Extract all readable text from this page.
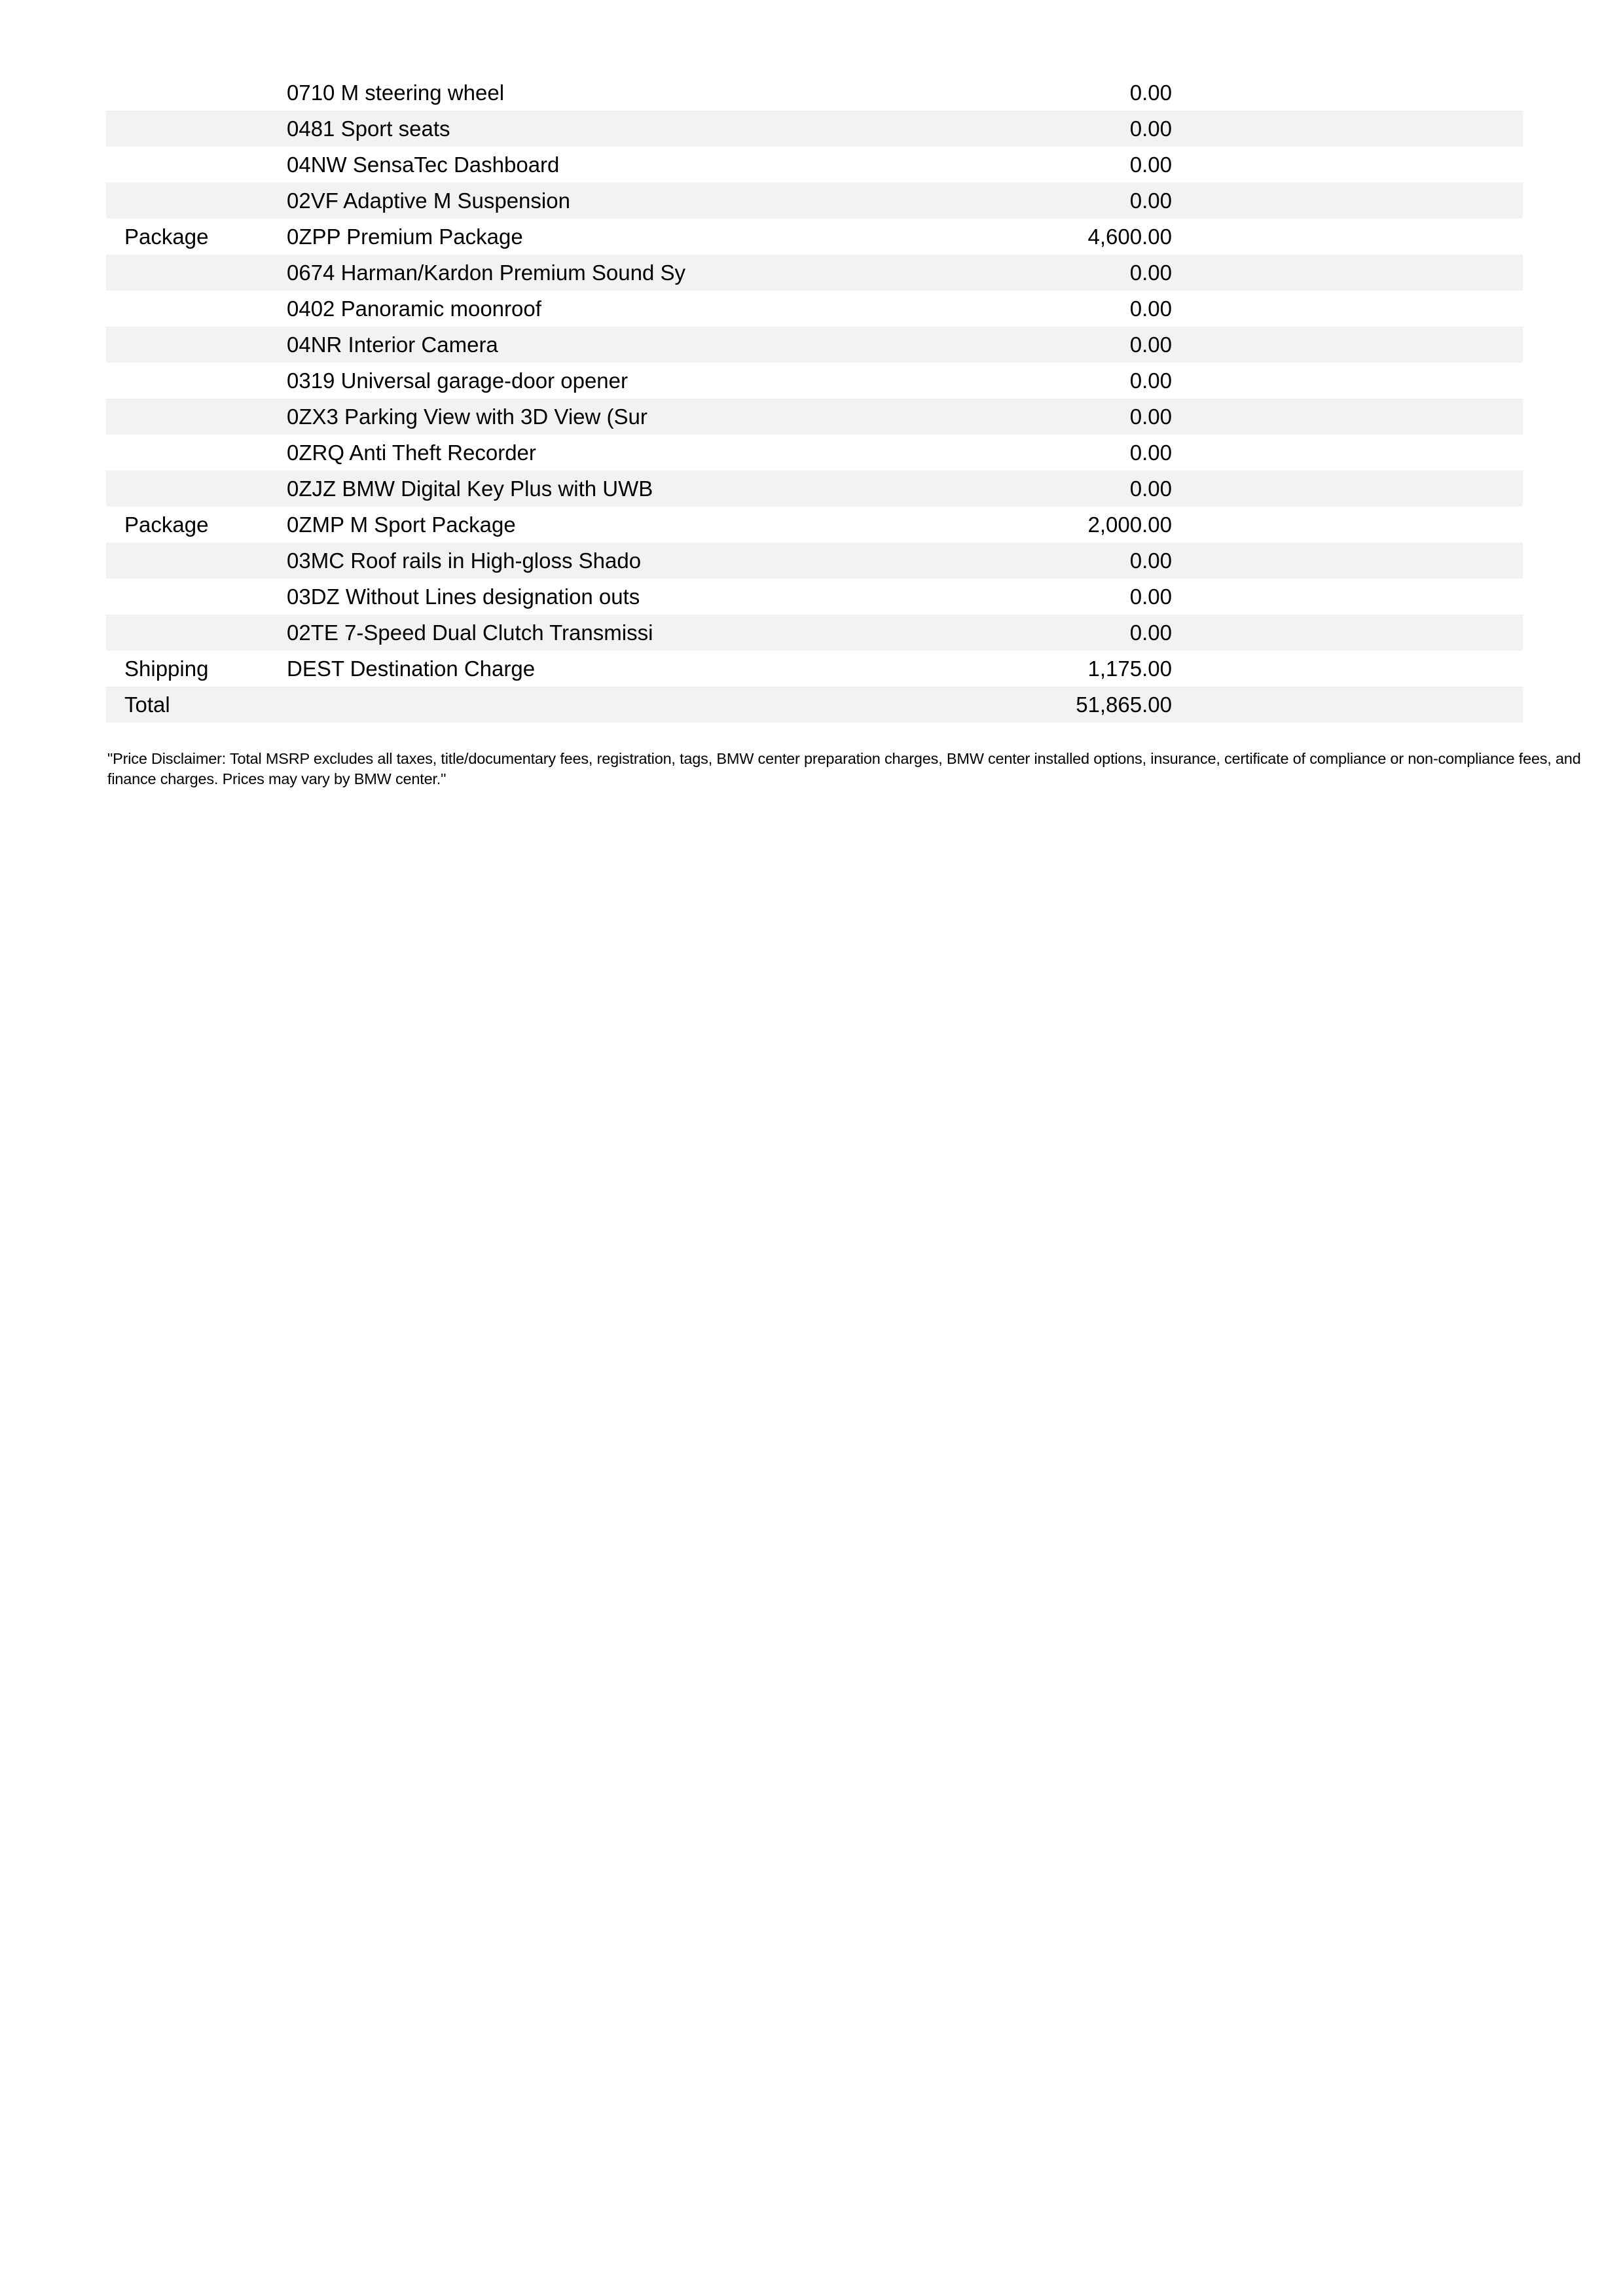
0710 M steering wheel	0.00
0481 Sport seats	0.00
04NW SensaTec Dashboard	0.00
02VF Adaptive M Suspension	0.00
Package	0ZPP Premium Package	4,600.00
0674 Harman/Kardon Premium Sound Sy	0.00
0402 Panoramic moonroof	0.00
04NR Interior Camera	0.00
0319 Universal garage-door opener	0.00
0ZX3 Parking View with 3D View (Sur	0.00
0ZRQ Anti Theft Recorder	0.00
0ZJZ BMW Digital Key Plus with UWB	0.00
Package	0ZMP M Sport Package	2,000.00
03MC Roof rails in High-gloss Shado	0.00
03DZ Without Lines designation outs	0.00
02TE 7-Speed Dual Clutch Transmissi	0.00
Shipping	DEST Destination Charge	1,175.00
Total	51,865.00

"Price Disclaimer: Total MSRP excludes all taxes, title/documentary fees, registration, tags, BMW center preparation charges, BMW center installed options, insurance, certificate of compliance or non-compliance fees, and finance charges. Prices may vary by BMW center."
